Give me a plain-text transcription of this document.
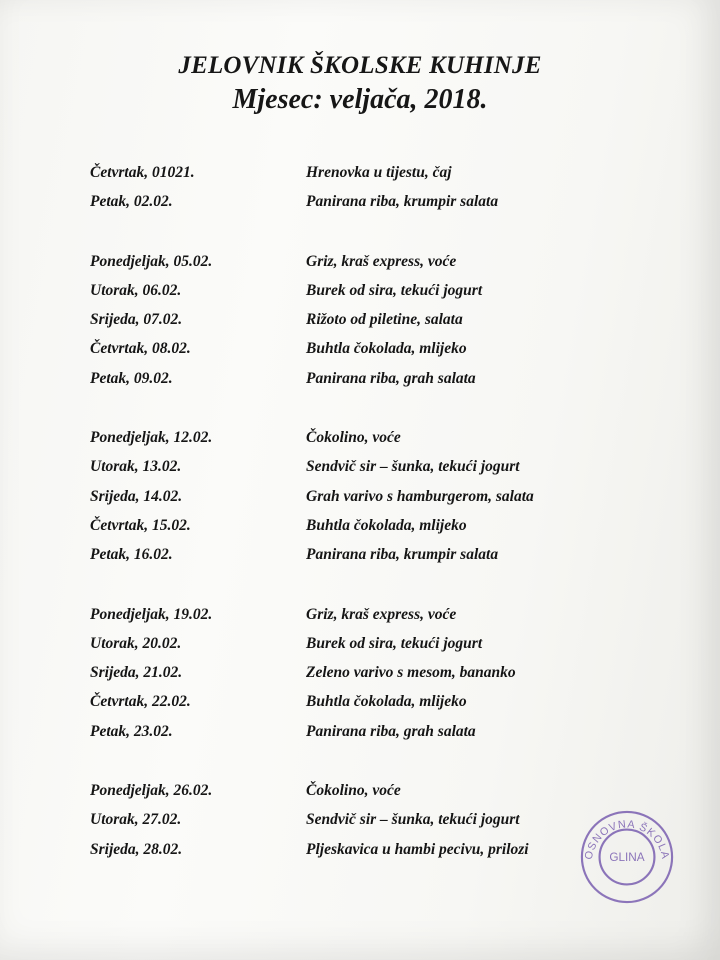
JELOVNIK ŠKOLSKE KUHINJE
Mjesec: veljača, 2018.
Četvrtak, 01021.	Hrenovka u tijestu, čaj
Petak, 02.02.	Panirana riba, krumpir salata
Ponedjeljak, 05.02.	Griz, kraš express, voće
Utorak, 06.02.	Burek od sira, tekući jogurt
Srijeda, 07.02.	Rižoto od piletine, salata
Četvrtak, 08.02.	Buhtla čokolada, mlijeko
Petak, 09.02.	Panirana riba, grah salata
Ponedjeljak, 12.02.	Čokolino, voće
Utorak, 13.02.	Sendvič sir – šunka, tekući jogurt
Srijeda, 14.02.	Grah varivo s hamburgerom, salata
Četvrtak, 15.02.	Buhtla čokolada, mlijeko
Petak, 16.02.	Panirana riba, krumpir salata
Ponedjeljak, 19.02.	Griz, kraš express, voće
Utorak, 20.02.	Burek od sira, tekući jogurt
Srijeda, 21.02.	Zeleno varivo s mesom, bananko
Četvrtak, 22.02.	Buhtla čokolada, mlijeko
Petak, 23.02.	Panirana riba, grah salata
Ponedjeljak, 26.02.	Čokolino, voće
Utorak, 27.02.	Sendvič sir – šunka, tekući jogurt
Srijeda, 28.02.	Pljeskavica u hambi pecivu, prilozi	OSNOVNA ŠKOLA
GLINA
